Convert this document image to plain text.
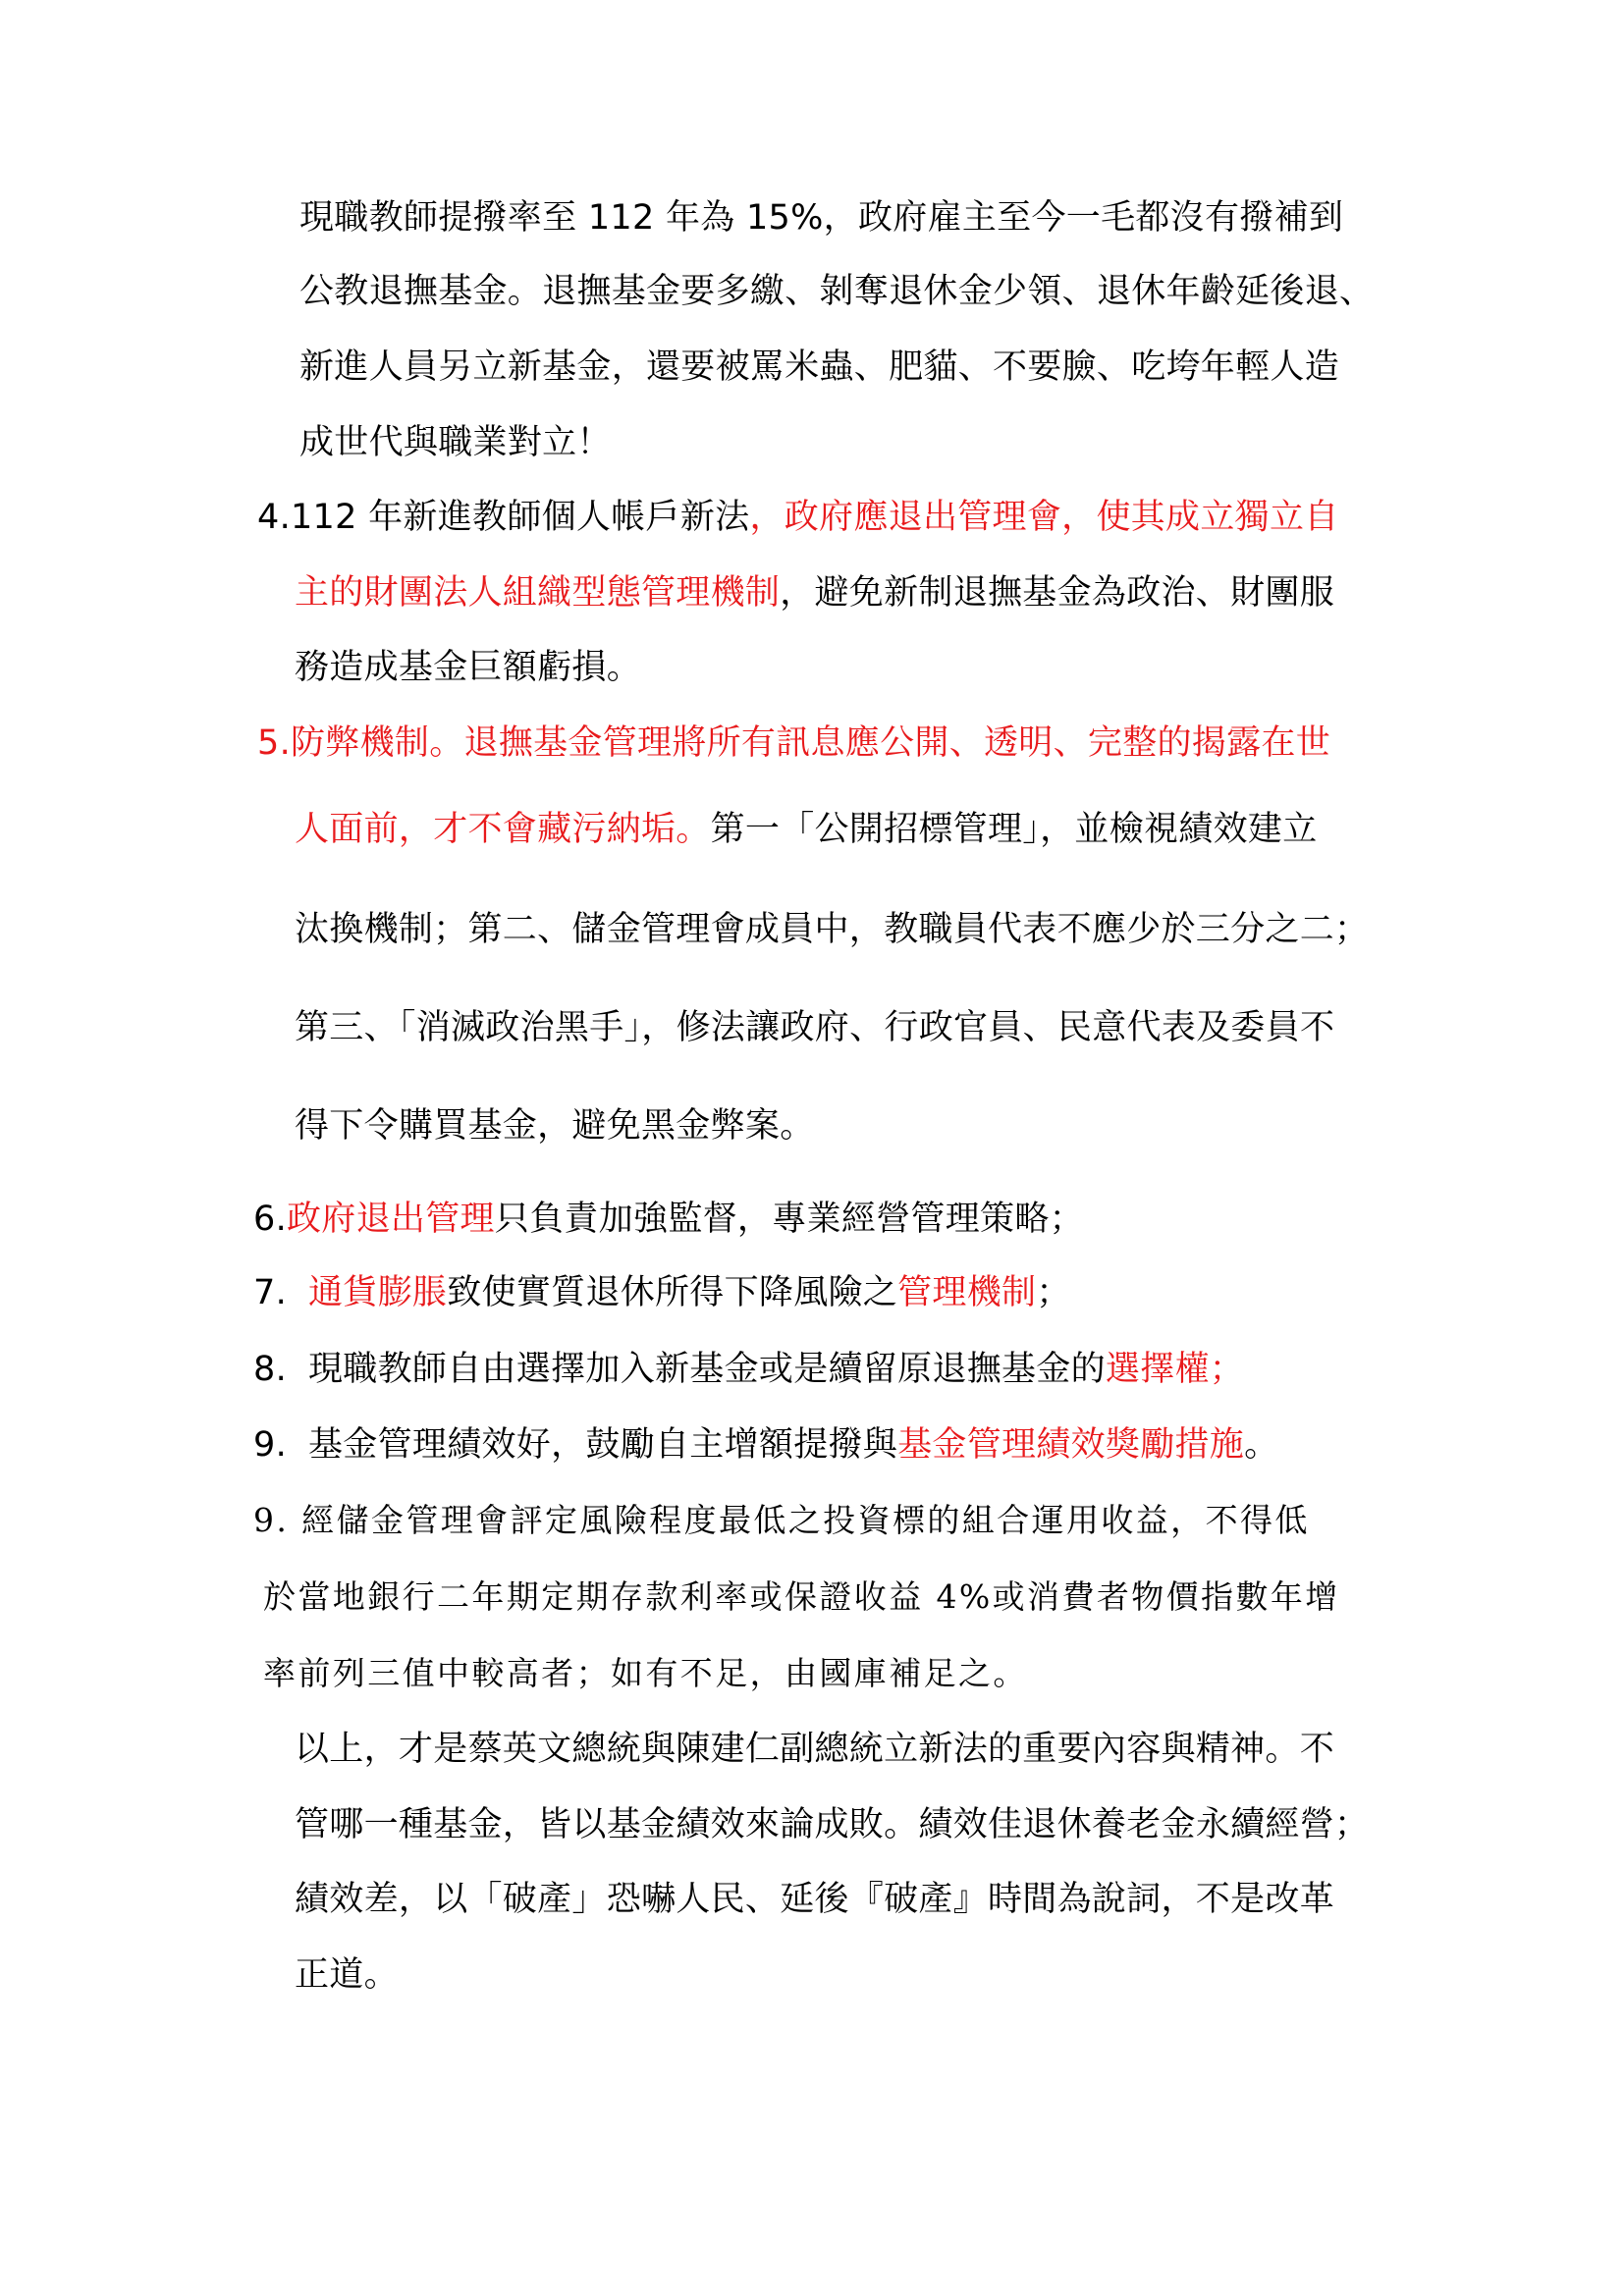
現職教師提撥率至 112 年為 15%，政府雇主至今一毛都沒有撥補到
公教退撫基金。退撫基金要多繳、剝奪退休金少領、退休年齡延後退、
新進人員另立新基金，還要被罵米蟲、肥貓、不要臉、吃垮年輕人造
成世代與職業對立！
4.112 年新進教師個人帳戶新法，政府應退出管理會，使其成立獨立自
主的財團法人組織型態管理機制，避免新制退撫基金為政治、財團服
務造成基金巨額虧損。
5.防弊機制。退撫基金管理將所有訊息應公開、透明、完整的揭露在世
人面前，才不會藏污納垢。第一「公開招標管理」，並檢視績效建立
汰換機制；第二、儲金管理會成員中，教職員代表不應少於三分之二；
第三、「消滅政治黑手」，修法讓政府、行政官員、民意代表及委員不
得下令購買基金，避免黑金弊案。
6.政府退出管理只負責加強監督，專業經營管理策略；
7. 通貨膨脹致使實質退休所得下降風險之管理機制；
8. 現職教師自由選擇加入新基金或是續留原退撫基金的選擇權；
9. 基金管理績效好，鼓勵自主增額提撥與基金管理績效獎勵措施。
9. 經儲金管理會評定風險程度最低之投資標的組合運用收益，不得低
於當地銀行二年期定期存款利率或保證收益 4%或消費者物價指數年增
率前列三值中較高者；如有不足，由國庫補足之。
以上，才是蔡英文總統與陳建仁副總統立新法的重要內容與精神。不
管哪一種基金，皆以基金績效來論成敗。績效佳退休養老金永續經營；
績效差，以「破產」恐嚇人民、延後『破產』時間為說詞，不是改革
正道。
